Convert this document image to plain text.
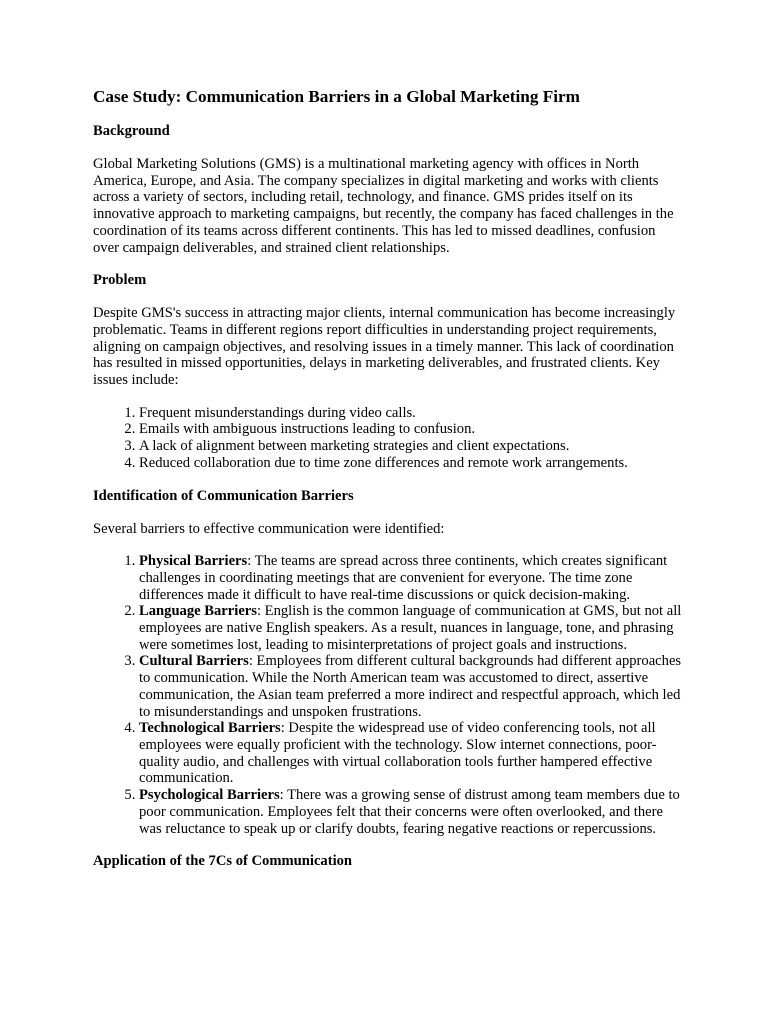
Case Study: Communication Barriers in a Global Marketing Firm
Background

Global Marketing Solutions (GMS) is a multinational marketing agency with offices in North America, Europe, and Asia. The company specializes in digital marketing and works with clients across a variety of sectors, including retail, technology, and finance. GMS prides itself on its innovative approach to marketing campaigns, but recently, the company has faced challenges in the coordination of its teams across different continents. This has led to missed deadlines, confusion over campaign deliverables, and strained client relationships.

Problem

Despite GMS's success in attracting major clients, internal communication has become increasingly problematic. Teams in different regions report difficulties in understanding project requirements, aligning on campaign objectives, and resolving issues in a timely manner. This lack of coordination has resulted in missed opportunities, delays in marketing deliverables, and frustrated clients. Key issues include:

1. Frequent misunderstandings during video calls.
2. Emails with ambiguous instructions leading to confusion.
3. A lack of alignment between marketing strategies and client expectations.
4. Reduced collaboration due to time zone differences and remote work arrangements.
Identification of Communication Barriers

Several barriers to effective communication were identified:

1. Physical Barriers: The teams are spread across three continents, which creates significant challenges in coordinating meetings that are convenient for everyone. The time zone differences made it difficult to have real-time discussions or quick decision-making.
2. Language Barriers: English is the common language of communication at GMS, but not all employees are native English speakers. As a result, nuances in language, tone, and phrasing were sometimes lost, leading to misinterpretations of project goals and instructions.
3. Cultural Barriers: Employees from different cultural backgrounds had different approaches to communication. While the North American team was accustomed to direct, assertive communication, the Asian team preferred a more indirect and respectful approach, which led to misunderstandings and unspoken frustrations.
4. Technological Barriers: Despite the widespread use of video conferencing tools, not all employees were equally proficient with the technology. Slow internet connections, poor-quality audio, and challenges with virtual collaboration tools further hampered effective communication.
5. Psychological Barriers: There was a growing sense of distrust among team members due to poor communication. Employees felt that their concerns were often overlooked, and there was reluctance to speak up or clarify doubts, fearing negative reactions or repercussions.
Application of the 7Cs of Communication
